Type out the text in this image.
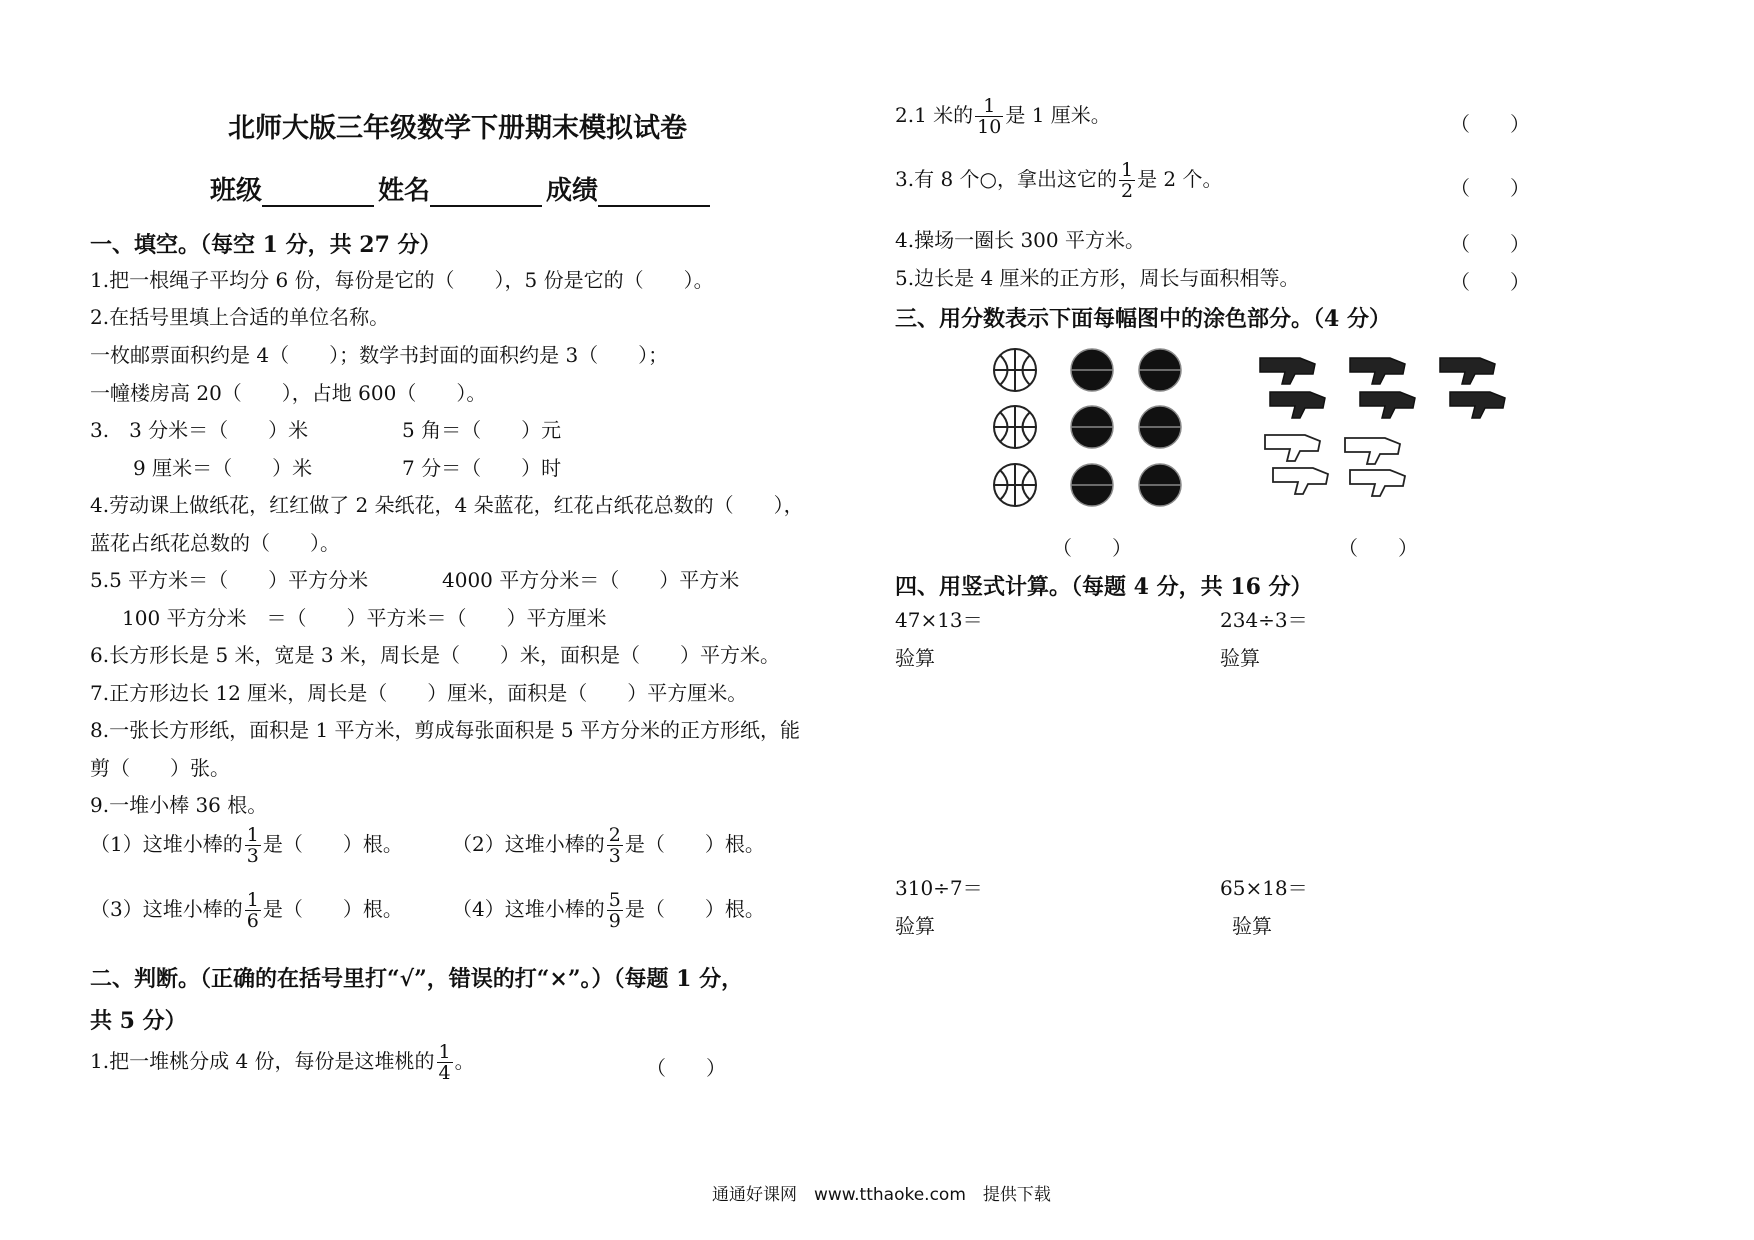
北师大版三年级数学下册期末模拟试卷
班级	姓名	成绩
一、填空。（每空 1 分，共 27 分）
1.把一根绳子平均分 6 份，每份是它的（　　），5 份是它的（　　）。
2.在括号里填上合适的单位名称。
一枚邮票面积约是 4（　　）；数学书封面的面积约是 3（　　）；
一幢楼房高 20（　　），占地 600（　　）。
3.　3 分米＝（　　）米	5 角＝（　　）元
9 厘米＝（　　）米	7 分＝（　　）时
4.劳动课上做纸花，红红做了 2 朵纸花，4 朵蓝花，红花占纸花总数的（　　），
蓝花占纸花总数的（　　）。
5.5 平方米＝（　　）平方分米	4000 平方分米＝（　　）平方米
100 平方分米　＝（　　）平方米＝（　　）平方厘米
6.长方形长是 5 米，宽是 3 米，周长是（　　）米，面积是（　　）平方米。
7.正方形边长 12 厘米，周长是（　　）厘米，面积是（　　）平方厘米。
8.一张长方形纸，面积是 1 平方米，剪成每张面积是 5 平方分米的正方形纸，能
剪（　　）张。
9.一堆小棒 36 根。
（1）这堆小棒的 $\frac{1}{3}$ 是（　　）根。 （2）这堆小棒的 $\frac{2}{3}$ 是（　　）根。
（3）这堆小棒的 $\frac{1}{6}$ 是（　　）根。 （4）这堆小棒的 $\frac{5}{9}$ 是（　　）根。
二、判断。（正确的在括号里打“√”，错误的打“×”。）（每题 1 分，
共 5 分）
1.把一堆桃分成 4 份，每份是这堆桃的 $\frac{1}{4}$ 。	（　　）
2.1 米的 $\frac{1}{10}$ 是 1 厘米。	（　　）
3.有 8 个○，拿出这它的 $\frac{1}{2}$ 是 2 个。	（　　）
4.操场一圈长 300 平方米。	（　　）
5.边长是 4 厘米的正方形，周长与面积相等。	（　　）
三、用分数表示下面每幅图中的涂色部分。（4 分）
（　　）	（　　）
四、用竖式计算。（每题 4 分，共 16 分）
47×13＝	234÷3＝
验算	验算
310÷7＝	65×18＝
验算	验算
通通好课网　www.tthaoke.com　提供下载
